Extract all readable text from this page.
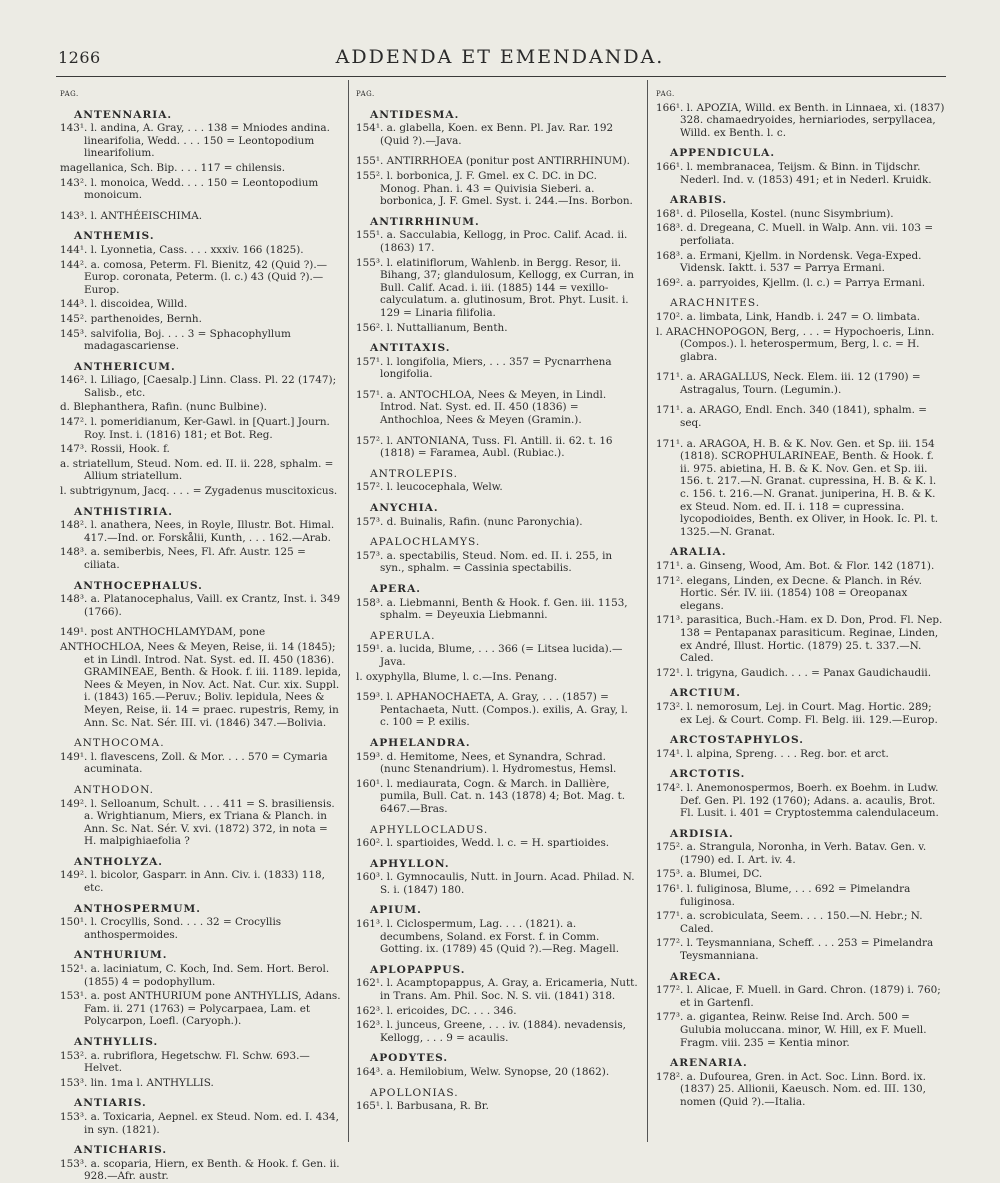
1266	ADDENDA ET EMENDANDA.
PAG.
ANTENNARIA.
143¹. l. andina, A. Gray, . . . 138 = Mniodes andina. linearifolia, Wedd. . . . 150 = Leontopodium linearifolium.
magellanica, Sch. Bip. . . . 117 = chilensis.
143². l. monoica, Wedd. . . . 150 = Leontopodium monoicum.
143³. l. ANTHÉEISCHIMA.
ANTHEMIS.
144¹. l. Lyonnetia, Cass. . . . xxxiv. 166 (1825).
144². a. comosa, Peterm. Fl. Bienitz, 42 (Quid ?).—Europ. coronata, Peterm. (l. c.) 43 (Quid ?).—Europ.
144³. l. discoidea, Willd.
145². parthenoides, Bernh.
145³. salvifolia, Boj. . . . 3 = Sphacophyllum madagascariense.
ANTHERICUM.
146². l. Liliago, [Caesalp.] Linn. Class. Pl. 22 (1747); Salisb., etc.
d. Blephanthera, Rafin. (nunc Bulbine).
147². l. pomeridianum, Ker-Gawl. in [Quart.] Journ. Roy. Inst. i. (1816) 181; et Bot. Reg.
147³. Rossii, Hook. f.
a. striatellum, Steud. Nom. ed. II. ii. 228, sphalm. = Allium striatellum.
l. subtrigynum, Jacq. . . . = Zygadenus muscitoxicus.
ANTHISTIRIA.
148². l. anathera, Nees, in Royle, Illustr. Bot. Himal. 417.—Ind. or. Forskålii, Kunth, . . . 162.—Arab.
148³. a. semiberbis, Nees, Fl. Afr. Austr. 125 = ciliata.
ANTHOCEPHALUS.
148³. a. Platanocephalus, Vaill. ex Crantz, Inst. i. 349 (1766).
149¹. post ANTHOCHLAMYDAM, pone
ANTHOCHLOA, Nees & Meyen, Reise, ii. 14 (1845); et in Lindl. Introd. Nat. Syst. ed. II. 450 (1836). GRAMINEAE, Benth. & Hook. f. iii. 1189. lepida, Nees & Meyen, in Nov. Act. Nat. Cur. xix. Suppl. i. (1843) 165.—Peruv.; Boliv. lepidula, Nees & Meyen, Reise, ii. 14 = praec. rupestris, Remy, in Ann. Sc. Nat. Sér. III. vi. (1846) 347.—Bolivia.
ANTHOCOMA.
149¹. l. flavescens, Zoll. & Mor. . . . 570 = Cymaria acuminata.
ANTHODON.
149². l. Selloanum, Schult. . . . 411 = S. brasiliensis. a. Wrightianum, Miers, ex Triana & Planch. in Ann. Sc. Nat. Sér. V. xvi. (1872) 372, in nota = H. malpighiaefolia ?
ANTHOLYZA.
149². l. bicolor, Gasparr. in Ann. Civ. i. (1833) 118, etc.
ANTHOSPERMUM.
150¹. l. Crocyllis, Sond. . . . 32 = Crocyllis anthospermoides.
ANTHURIUM.
152¹. a. laciniatum, C. Koch, Ind. Sem. Hort. Berol. (1855) 4 = podophyllum.
153¹. a. post ANTHURIUM pone ANTHYLLIS, Adans. Fam. ii. 271 (1763) = Polycarpaea, Lam. et Polycarpon, Loefl. (Caryoph.).
ANTHYLLIS.
153². a. rubriflora, Hegetschw. Fl. Schw. 693.—Helvet.
153³. lin. 1ma l. ANTHYLLIS.
ANTIARIS.
153³. a. Toxicaria, Aepnel. ex Steud. Nom. ed. I. 434, in syn. (1821).
ANTICHARIS.
153³. a. scoparia, Hiern, ex Benth. & Hook. f. Gen. ii. 928.—Afr. austr.
PAG.
ANTIDESMA.
154¹. a. glabella, Koen. ex Benn. Pl. Jav. Rar. 192 (Quid ?).—Java.
155¹. ANTIRRHOEA (ponitur post ANTIRRHINUM).
155². l. borbonica, J. F. Gmel. ex C. DC. in DC. Monog. Phan. i. 43 = Quivisia Sieberi. a. borbonica, J. F. Gmel. Syst. i. 244.—Ins. Borbon.
ANTIRRHINUM.
155¹. a. Sacculabia, Kellogg, in Proc. Calif. Acad. ii. (1863) 17.
155³. l. elatiniflorum, Wahlenb. in Bergg. Resor, ii. Bihang, 37; glandulosum, Kellogg, ex Curran, in Bull. Calif. Acad. i. iii. (1885) 144 = vexillo-calyculatum. a. glutinosum, Brot. Phyt. Lusit. i. 129 = Linaria filifolia.
156². l. Nuttallianum, Benth.
ANTITAXIS.
157¹. l. longifolia, Miers, . . . 357 = Pycnarrhena longifolia.
157¹. a. ANTOCHLOA, Nees & Meyen, in Lindl. Introd. Nat. Syst. ed. II. 450 (1836) = Anthochloa, Nees & Meyen (Gramin.).
157². l. ANTONIANA, Tuss. Fl. Antill. ii. 62. t. 16 (1818) = Faramea, Aubl. (Rubiac.).
ANTROLEPIS.
157². l. leucocephala, Welw.
ANYCHIA.
157³. d. Buinalis, Rafin. (nunc Paronychia).
APALOCHLAMYS.
157³. a. spectabilis, Steud. Nom. ed. II. i. 255, in syn., sphalm. = Cassinia spectabilis.
APERA.
158³. a. Liebmanni, Benth & Hook. f. Gen. iii. 1153, sphalm. = Deyeuxia Liebmanni.
APERULA.
159¹. a. lucida, Blume, . . . 366 (= Litsea lucida).—Java.
l. oxyphylla, Blume, l. c.—Ins. Penang.
159³. l. APHANOCHAETA, A. Gray, . . . (1857) = Pentachaeta, Nutt. (Compos.). exilis, A. Gray, l. c. 100 = P. exilis.
APHELANDRA.
159³. d. Hemitome, Nees, et Synandra, Schrad. (nunc Stenandrium). l. Hydromestus, Hemsl.
160¹. l. mediaurata, Cogn. & March. in Dallière, pumila, Bull. Cat. n. 143 (1878) 4; Bot. Mag. t. 6467.—Bras.
APHYLLOCLADUS.
160². l. spartioides, Wedd. l. c. = H. spartioides.
APHYLLON.
160³. l. Gymnocaulis, Nutt. in Journ. Acad. Philad. N. S. i. (1847) 180.
APIUM.
161³. l. Ciclospermum, Lag. . . . (1821). a. decumbens, Soland. ex Forst. f. in Comm. Gotting. ix. (1789) 45 (Quid ?).—Reg. Magell.
APLOPAPPUS.
162¹. l. Acamptopappus, A. Gray, a. Ericameria, Nutt. in Trans. Am. Phil. Soc. N. S. vii. (1841) 318.
162³. l. ericoides, DC. . . . 346.
162³. l. junceus, Greene, . . . iv. (1884). nevadensis, Kellogg, . . . 9 = acaulis.
APODYTES.
164³. a. Hemilobium, Welw. Synopse, 20 (1862).
APOLLONIAS.
165¹. l. Barbusana, R. Br.
PAG.
166¹. l. APOZIA, Willd. ex Benth. in Linnaea, xi. (1837) 328. chamaedryoides, herniariodes, serpyllacea, Willd. ex Benth. l. c.
APPENDICULA.
166¹. l. membranacea, Teijsm. & Binn. in Tijdschr. Nederl. Ind. v. (1853) 491; et in Nederl. Kruidk.
ARABIS.
168¹. d. Pilosella, Kostel. (nunc Sisymbrium).
168³. d. Dregeana, C. Muell. in Walp. Ann. vii. 103 = perfoliata.
168³. a. Ermani, Kjellm. in Nordensk. Vega-Exped. Vidensk. Iaktt. i. 537 = Parrya Ermani.
169². a. parryoides, Kjellm. (l. c.) = Parrya Ermani.
ARACHNITES.
170². a. limbata, Link, Handb. i. 247 = O. limbata.
l. ARACHNOPOGON, Berg, . . . = Hypochoeris, Linn. (Compos.). l. heterospermum, Berg, l. c. = H. glabra.
171¹. a. ARAGALLUS, Neck. Elem. iii. 12 (1790) = Astragalus, Tourn. (Legumin.).
171¹. a. ARAGO, Endl. Ench. 340 (1841), sphalm. = seq.
171¹. a. ARAGOA, H. B. & K. Nov. Gen. et Sp. iii. 154 (1818). SCROPHULARINEAE, Benth. & Hook. f. ii. 975. abietina, H. B. & K. Nov. Gen. et Sp. iii. 156. t. 217.—N. Granat. cupressina, H. B. & K. l. c. 156. t. 216.—N. Granat. juniperina, H. B. & K. ex Steud. Nom. ed. II. i. 118 = cupressina. lycopodioides, Benth. ex Oliver, in Hook. Ic. Pl. t. 1325.—N. Granat.
ARALIA.
171¹. a. Ginseng, Wood, Am. Bot. & Flor. 142 (1871).
171². elegans, Linden, ex Decne. & Planch. in Rév. Hortic. Sér. IV. iii. (1854) 108 = Oreopanax elegans.
171³. parasitica, Buch.-Ham. ex D. Don, Prod. Fl. Nep. 138 = Pentapanax parasiticum. Reginae, Linden, ex André, Illust. Hortic. (1879) 25. t. 337.—N. Caled.
172¹. l. trigyna, Gaudich. . . . = Panax Gaudichaudii.
ARCTIUM.
173². l. nemorosum, Lej. in Court. Mag. Hortic. 289; ex Lej. & Court. Comp. Fl. Belg. iii. 129.—Europ.
ARCTOSTAPHYLOS.
174¹. l. alpina, Spreng. . . . Reg. bor. et arct.
ARCTOTIS.
174². l. Anemonospermos, Boerh. ex Boehm. in Ludw. Def. Gen. Pl. 192 (1760); Adans. a. acaulis, Brot. Fl. Lusit. i. 401 = Cryptostemma calendulaceum.
ARDISIA.
175². a. Strangula, Noronha, in Verh. Batav. Gen. v. (1790) ed. I. Art. iv. 4.
175³. a. Blumei, DC.
176¹. l. fuliginosa, Blume, . . . 692 = Pimelandra fuliginosa.
177¹. a. scrobiculata, Seem. . . . 150.—N. Hebr.; N. Caled.
177². l. Teysmanniana, Scheff. . . . 253 = Pimelandra Teysmanniana.
ARECA.
177². l. Alicae, F. Muell. in Gard. Chron. (1879) i. 760; et in Gartenfl.
177³. a. gigantea, Reinw. Reise Ind. Arch. 500 = Gulubia moluccana. minor, W. Hill, ex F. Muell. Fragm. viii. 235 = Kentia minor.
ARENARIA.
178². a. Dufourea, Gren. in Act. Soc. Linn. Bord. ix. (1837) 25. Allionii, Kaeusch. Nom. ed. III. 130, nomen (Quid ?).—Italia.
